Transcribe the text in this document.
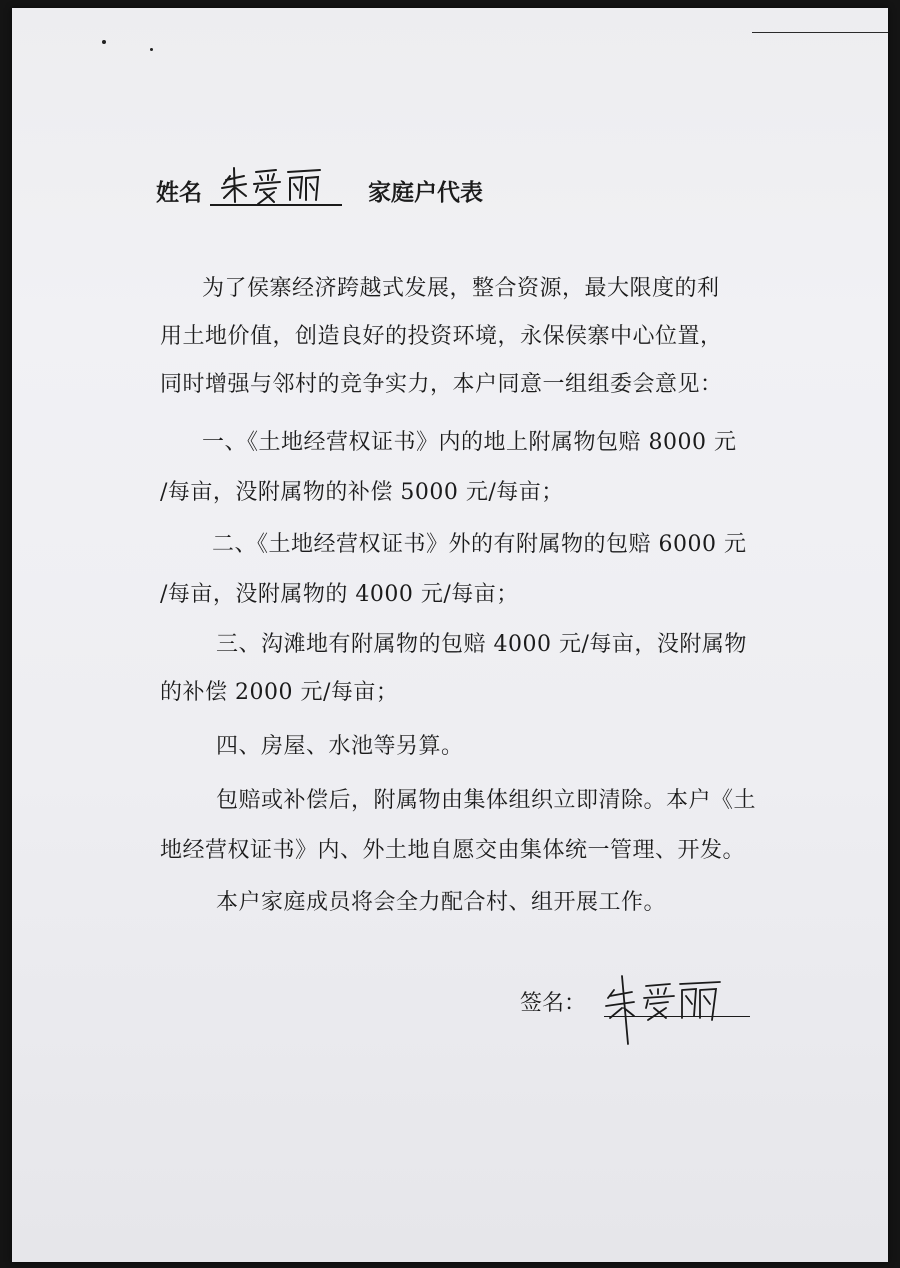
姓名	家庭户代表
为了侯寨经济跨越式发展，整合资源，最大限度的利
用土地价值，创造良好的投资环境，永保侯寨中心位置，
同时增强与邻村的竞争实力，本户同意一组组委会意见：
一、《土地经营权证书》内的地上附属物包赔 8000 元
/每亩，没附属物的补偿 5000 元/每亩；
二、《土地经营权证书》外的有附属物的包赔 6000 元
/每亩，没附属物的 4000 元/每亩；
三、沟滩地有附属物的包赔 4000 元/每亩，没附属物
的补偿 2000 元/每亩；
四、房屋、水池等另算。
包赔或补偿后，附属物由集体组织立即清除。本户《土
地经营权证书》内、外土地自愿交由集体统一管理、开发。
本户家庭成员将会全力配合村、组开展工作。
签名：
